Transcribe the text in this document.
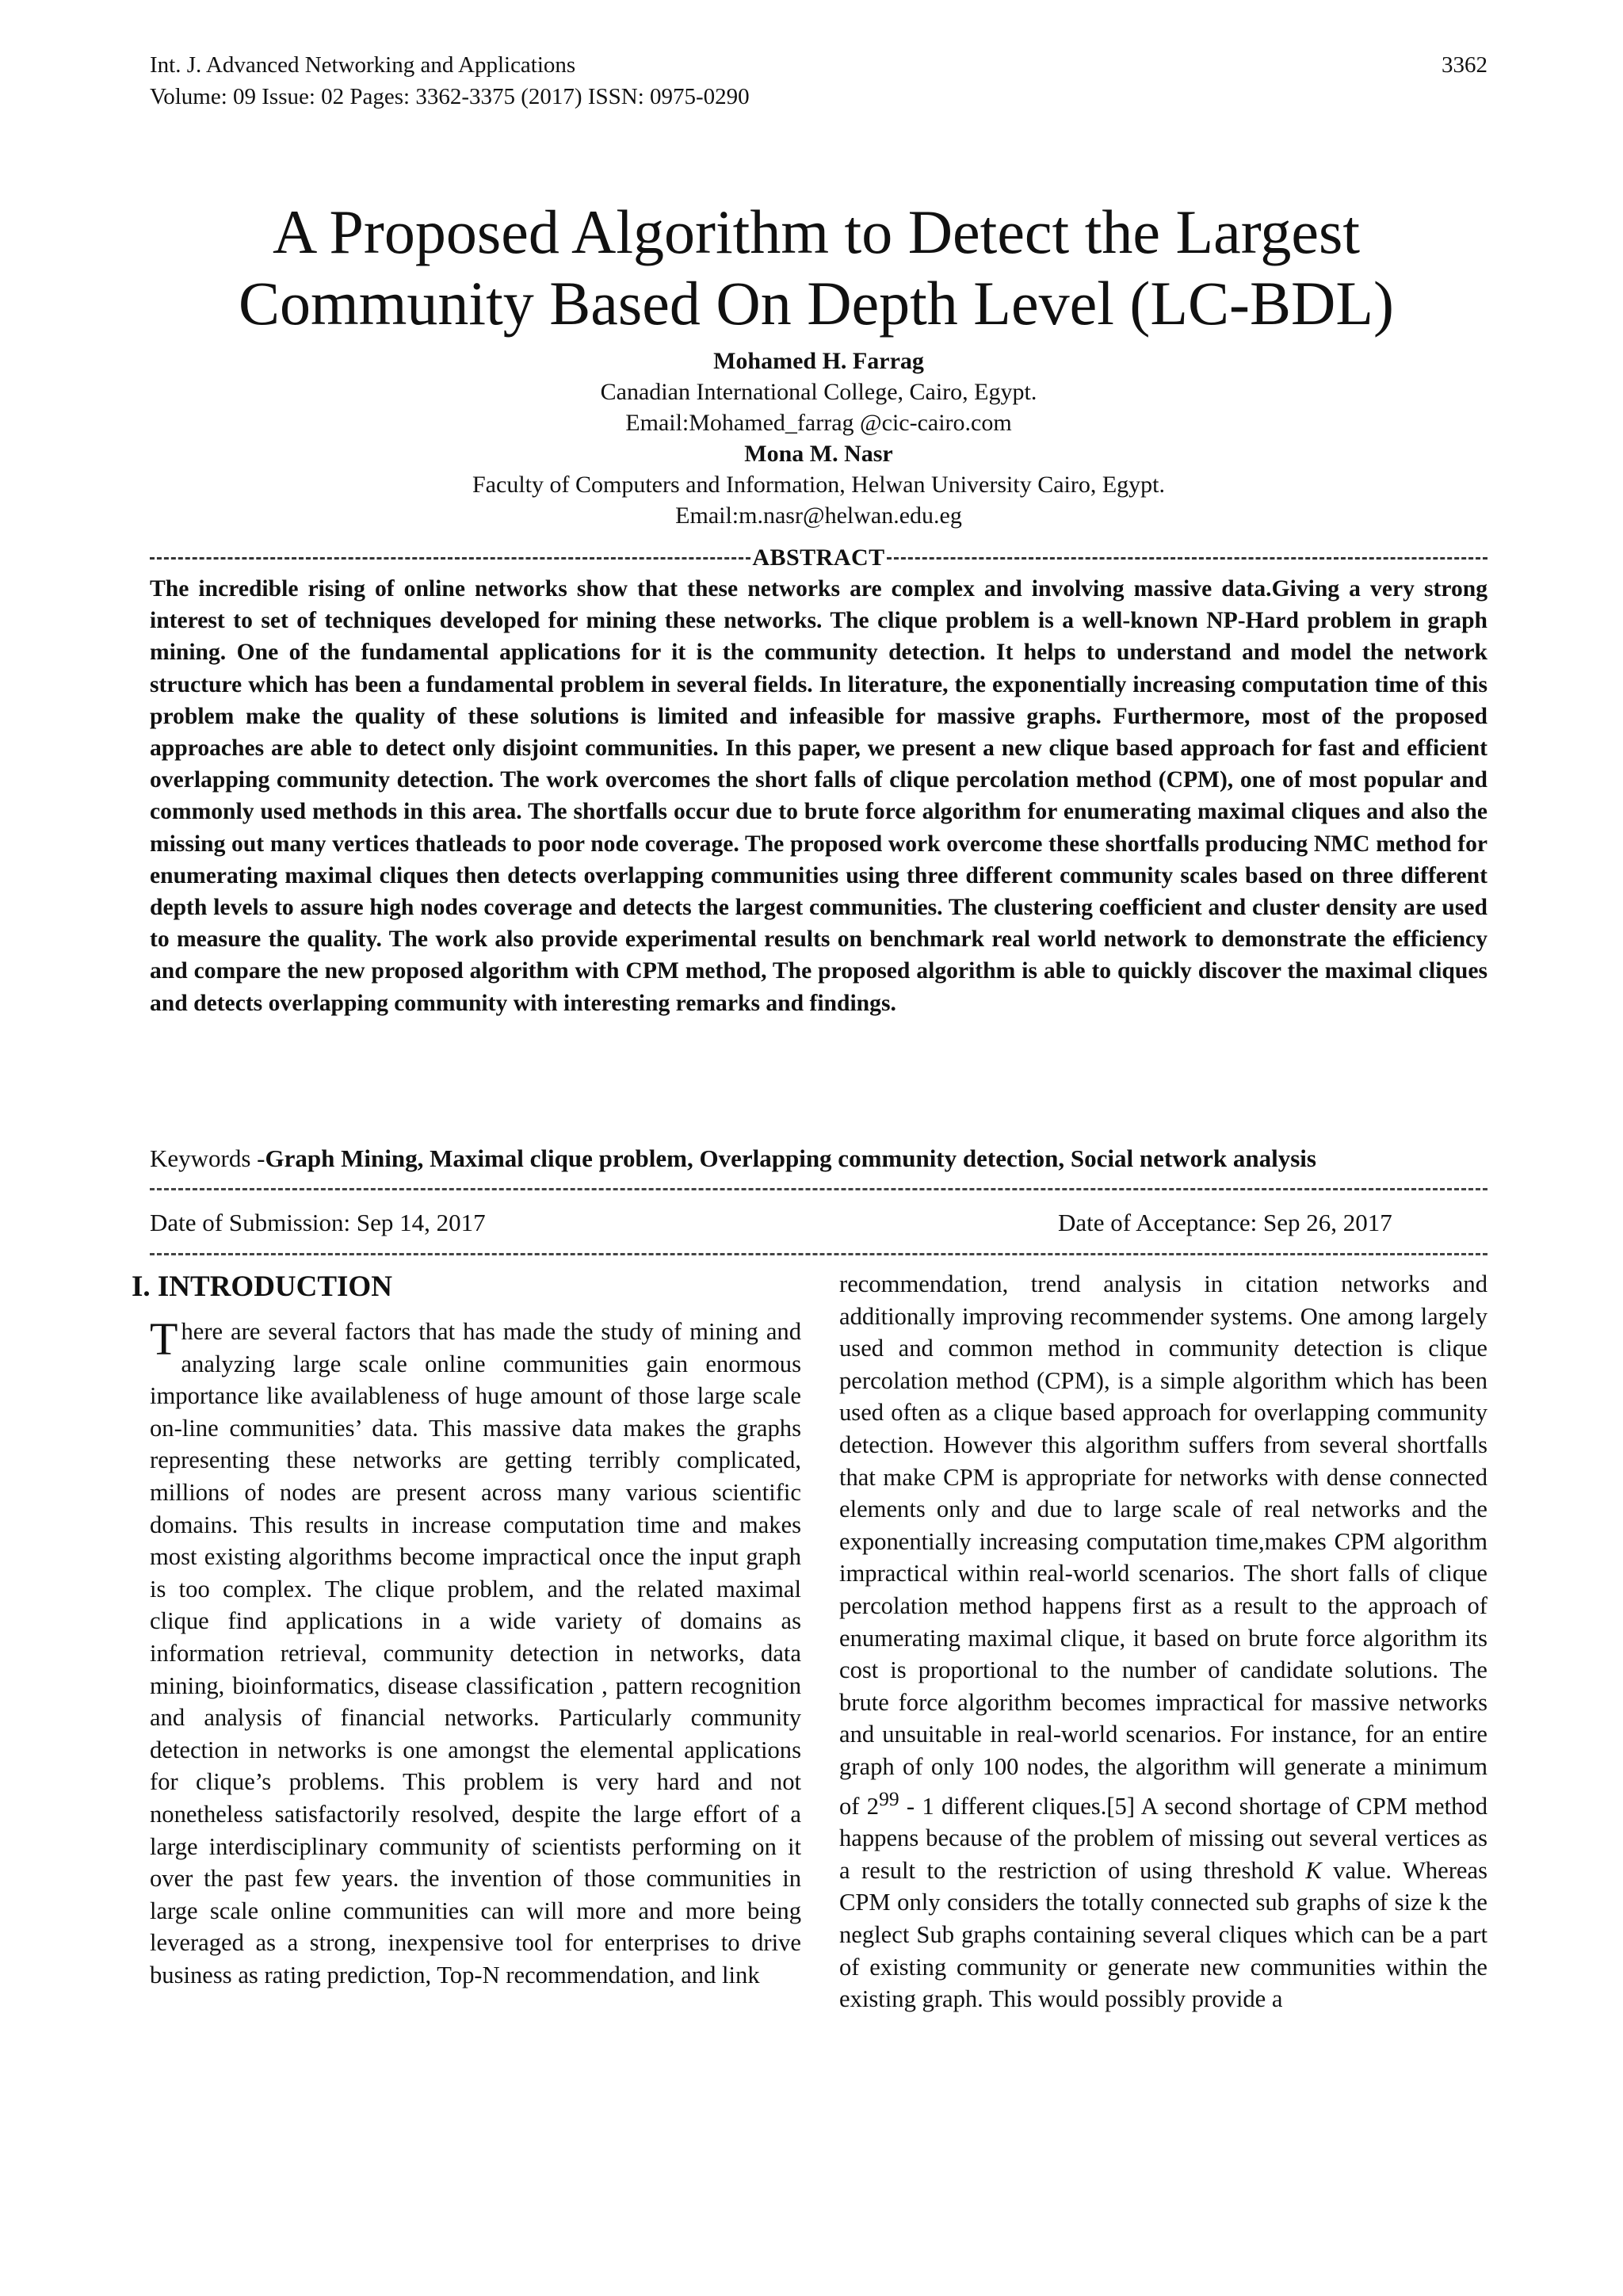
Int. J. Advanced Networking and Applications	3362
Volume: 09 Issue: 02 Pages: 3362-3375 (2017) ISSN: 0975-0290
A Proposed Algorithm to Detect the Largest Community Based On Depth Level (LC-BDL)
Mohamed H. Farrag
Canadian International College, Cairo, Egypt.
Email:Mohamed_farrag @cic-cairo.com
Mona M. Nasr
Faculty of Computers and Information, Helwan University Cairo, Egypt.
Email:m.nasr@helwan.edu.eg
ABSTRACT

The incredible rising of online networks show that these networks are complex and involving massive data.Giving a very strong interest to set of techniques developed for mining these networks. The clique problem is a well-known NP-Hard problem in graph mining. One of the fundamental applications for it is the community detection. It helps to understand and model the network structure which has been a fundamental problem in several fields. In literature, the exponentially increasing computation time of this problem make the quality of these solutions is limited and infeasible for massive graphs. Furthermore, most of the proposed approaches are able to detect only disjoint communities. In this paper, we present a new clique based approach for fast and efficient overlapping community detection. The work overcomes the short falls of clique percolation method (CPM), one of most popular and commonly used methods in this area. The shortfalls occur due to brute force algorithm for enumerating maximal cliques and also the missing out many vertices thatleads to poor node coverage. The proposed work overcome these shortfalls producing NMC method for enumerating maximal cliques then detects overlapping communities using three different community scales based on three different depth levels to assure high nodes coverage and detects the largest communities. The clustering coefficient and cluster density are used to measure the quality. The work also provide experimental results on benchmark real world network to demonstrate the efficiency and compare the new proposed algorithm with CPM method, The proposed algorithm is able to quickly discover the maximal cliques and detects overlapping community with interesting remarks and findings.

Keywords -Graph Mining, Maximal clique problem, Overlapping community detection, Social network analysis
Date of Submission: Sep 14, 2017	Date of Acceptance: Sep 26, 2017
I. INTRODUCTION

There are several factors that has made the study of mining and analyzing large scale online communities gain enormous importance like availableness of huge amount of those large scale on-line communities’ data. This massive data makes the graphs representing these networks are getting terribly complicated, millions of nodes are present across many various scientific domains. This results in increase computation time and makes most existing algorithms become impractical once the input graph is too complex. The clique problem, and the related maximal clique find applications in a wide variety of domains as information retrieval, community detection in networks, data mining, bioinformatics, disease classification , pattern recognition and analysis of financial networks. Particularly community detection in networks is one amongst the elemental applications for clique’s problems. This problem is very hard and not nonetheless satisfactorily resolved, despite the large effort of a large interdisciplinary community of scientists performing on it over the past few years. the invention of those communities in large scale online communities can will more and more being leveraged as a strong, inexpensive tool for enterprises to drive business as rating prediction, Top-N recommendation, and link

recommendation, trend analysis in citation networks and additionally improving recommender systems. One among largely used and common method in community detection is clique percolation method (CPM), is a simple algorithm which has been used often as a clique based approach for overlapping community detection. However this algorithm suffers from several shortfalls that make CPM is appropriate for networks with dense connected elements only and due to large scale of real networks and the exponentially increasing computation time,makes CPM algorithm impractical within real-world scenarios. The short falls of clique percolation method happens first as a result to the approach of enumerating maximal clique, it based on brute force algorithm its cost is proportional to the number of candidate solutions. The brute force algorithm becomes impractical for massive networks and unsuitable in real-world scenarios. For instance, for an entire graph of only 100 nodes, the algorithm will generate a minimum of $2^{99} - 1$ different cliques.[5] A second shortage of CPM method happens because of the problem of missing out several vertices as a result to the restriction of using threshold K value. Whereas CPM only considers the totally connected sub graphs of size k the neglect Sub graphs containing several cliques which can be a part of existing community or generate new communities within the existing graph. This would possibly provide a
